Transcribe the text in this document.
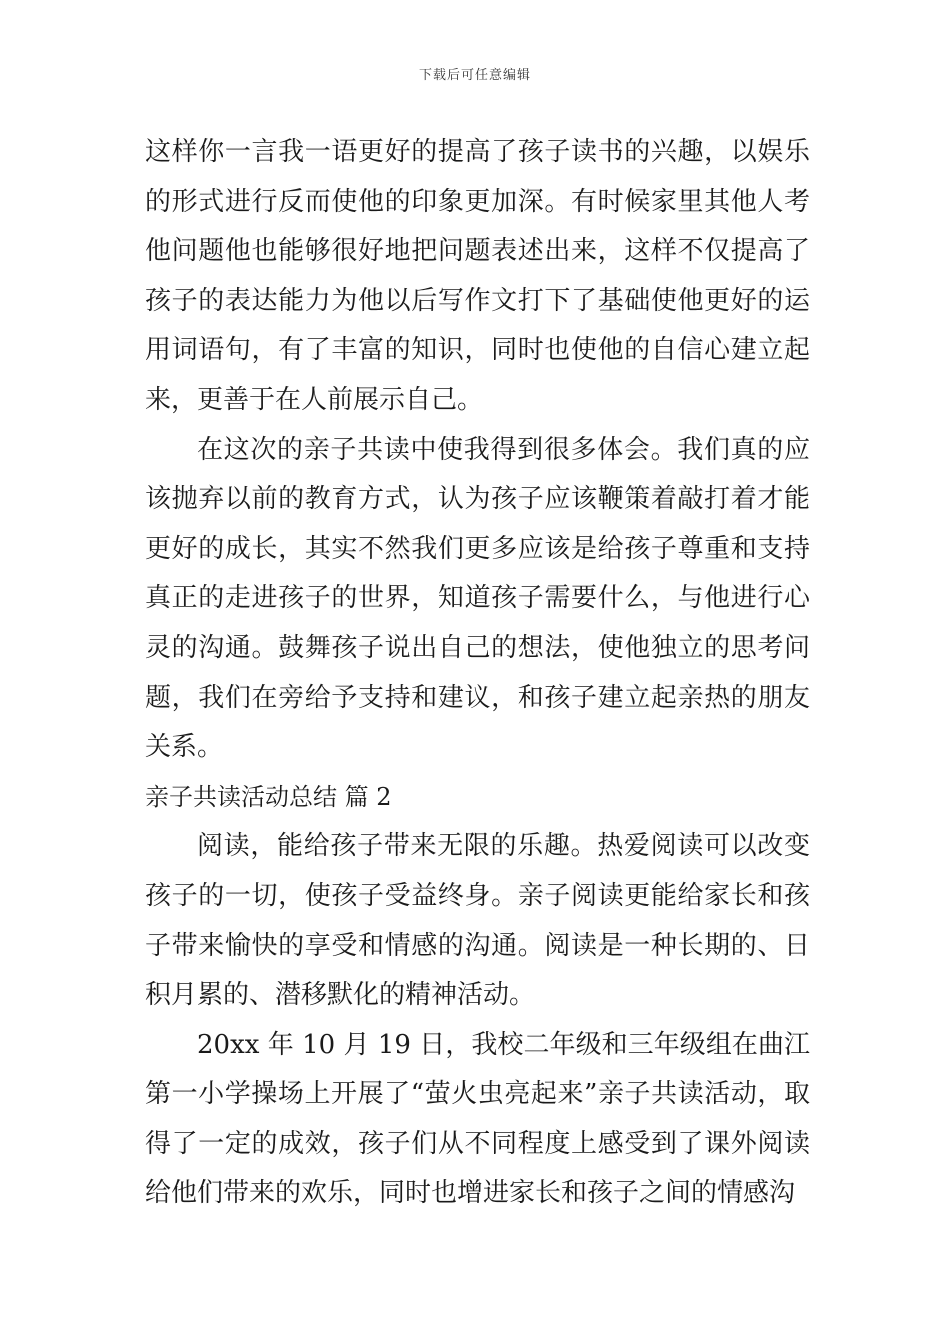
下载后可任意编辑

这样你一言我一语更好的提高了孩子读书的兴趣，以娱乐的形式进行反而使他的印象更加深。有时候家里其他人考他问题他也能够很好地把问题表述出来，这样不仅提高了孩子的表达能力为他以后写作文打下了基础使他更好的运用词语句，有了丰富的知识，同时也使他的自信心建立起来，更善于在人前展示自己。

在这次的亲子共读中使我得到很多体会。我们真的应该抛弃以前的教育方式，认为孩子应该鞭策着敲打着才能更好的成长，其实不然我们更多应该是给孩子尊重和支持真正的走进孩子的世界，知道孩子需要什么，与他进行心灵的沟通。鼓舞孩子说出自己的想法，使他独立的思考问题，我们在旁给予支持和建议，和孩子建立起亲热的朋友关系。

亲子共读活动总结 篇 2

阅读，能给孩子带来无限的乐趣。热爱阅读可以改变孩子的一切，使孩子受益终身。亲子阅读更能给家长和孩子带来愉快的享受和情感的沟通。阅读是一种长期的、日积月累的、潜移默化的精神活动。

20xx 年 10 月 19 日，我校二年级和三年级组在曲江第一小学操场上开展了“萤火虫亮起来”亲子共读活动，取得了一定的成效，孩子们从不同程度上感受到了课外阅读给他们带来的欢乐，同时也增进家长和孩子之间的情感沟
